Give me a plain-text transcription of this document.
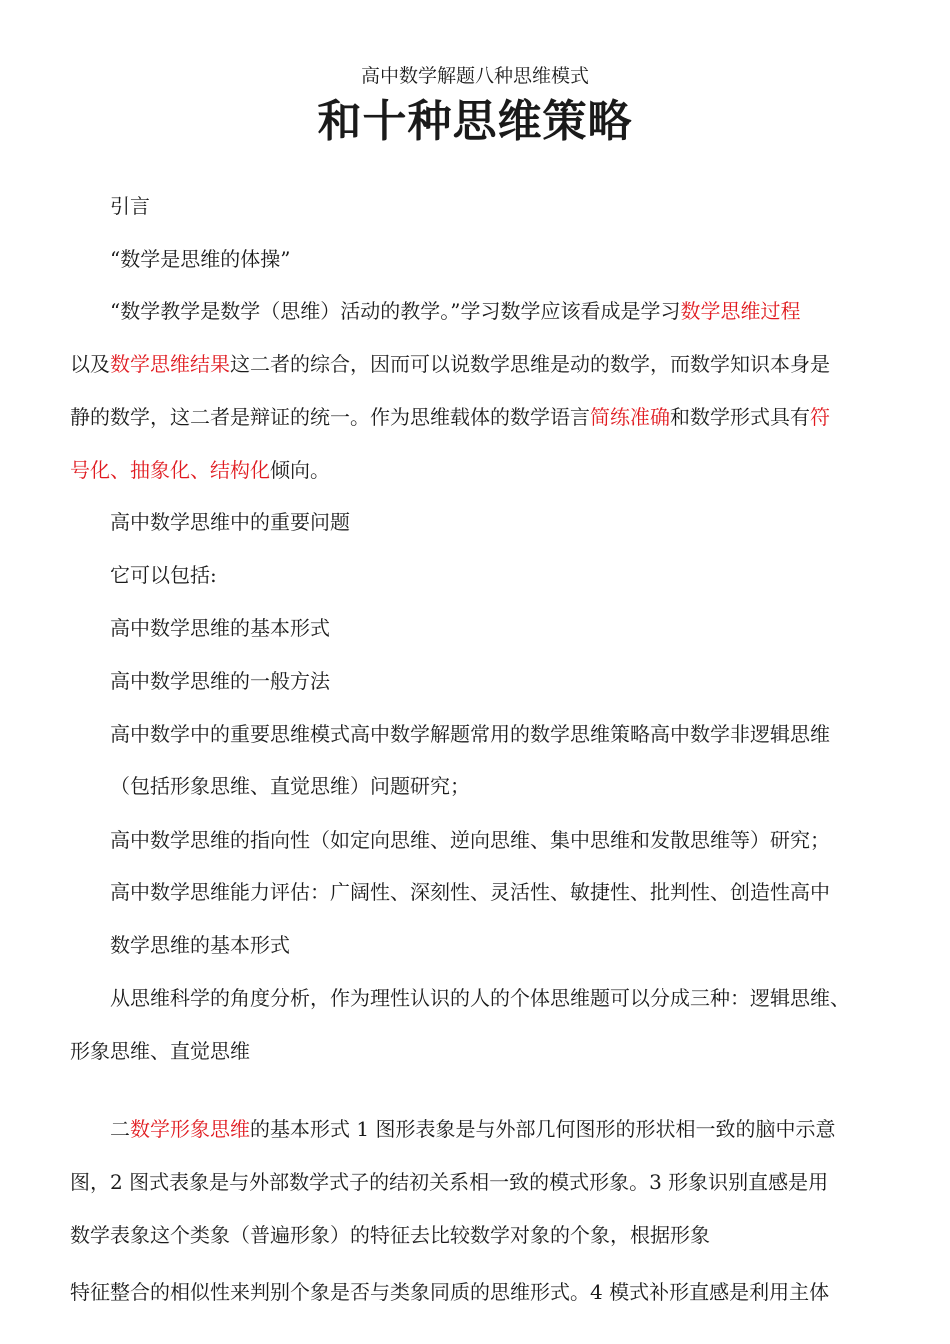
高中数学解题八种思维模式
和十种思维策略
引言
“数学是思维的体操”
“数学教学是数学（思维）活动的教学。”学习数学应该看成是学习数学思维过程
以及数学思维结果这二者的综合，因而可以说数学思维是动的数学，而数学知识本身是
静的数学，这二者是辩证的统一。作为思维载体的数学语言简练准确和数学形式具有符
号化、抽象化、结构化倾向。
高中数学思维中的重要问题
它可以包括:
高中数学思维的基本形式
高中数学思维的一般方法
高中数学中的重要思维模式高中数学解题常用的数学思维策略高中数学非逻辑思维
（包括形象思维、直觉思维）问题研究；
高中数学思维的指向性（如定向思维、逆向思维、集中思维和发散思维等）研究；
高中数学思维能力评估：广阔性、深刻性、灵活性、敏捷性、批判性、创造性高中
数学思维的基本形式
从思维科学的角度分析，作为理性认识的人的个体思维题可以分成三种：逻辑思维、
形象思维、直觉思维
二数学形象思维的基本形式 1 图形表象是与外部几何图形的形状相一致的脑中示意
图，2 图式表象是与外部数学式子的结初关系相一致的模式形象。3 形象识别直感是用
数学表象这个类象（普遍形象）的特征去比较数学对象的个象，根据形象
特征整合的相似性来判别个象是否与类象同质的思维形式。4 模式补形直感是利用主体
